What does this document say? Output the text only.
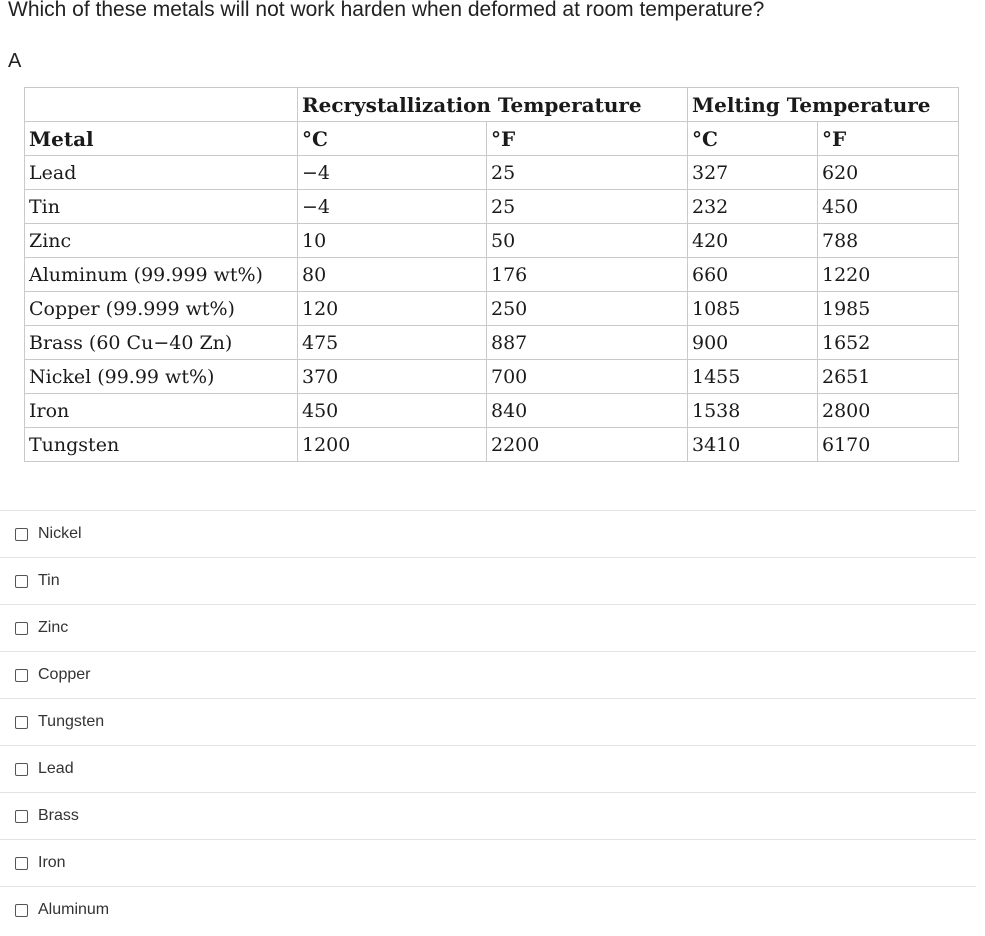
Which of these metals will not work harden when deformed at room temperature?
A
	Recrystallization Temperature		Melting Temperature	
Metal	°C	°F	°C	°F
Lead	−4	25	327	620
Tin	−4	25	232	450
Zinc	10	50	420	788
Aluminum (99.999 wt%)	80	176	660	1220
Copper (99.999 wt%)	120	250	1085	1985
Brass (60 Cu−40 Zn)	475	887	900	1652
Nickel (99.99 wt%)	370	700	1455	2651
Iron	450	840	1538	2800
Tungsten	1200	2200	3410	6170
Nickel
Tin
Zinc
Copper
Tungsten
Lead
Brass
Iron
Aluminum
